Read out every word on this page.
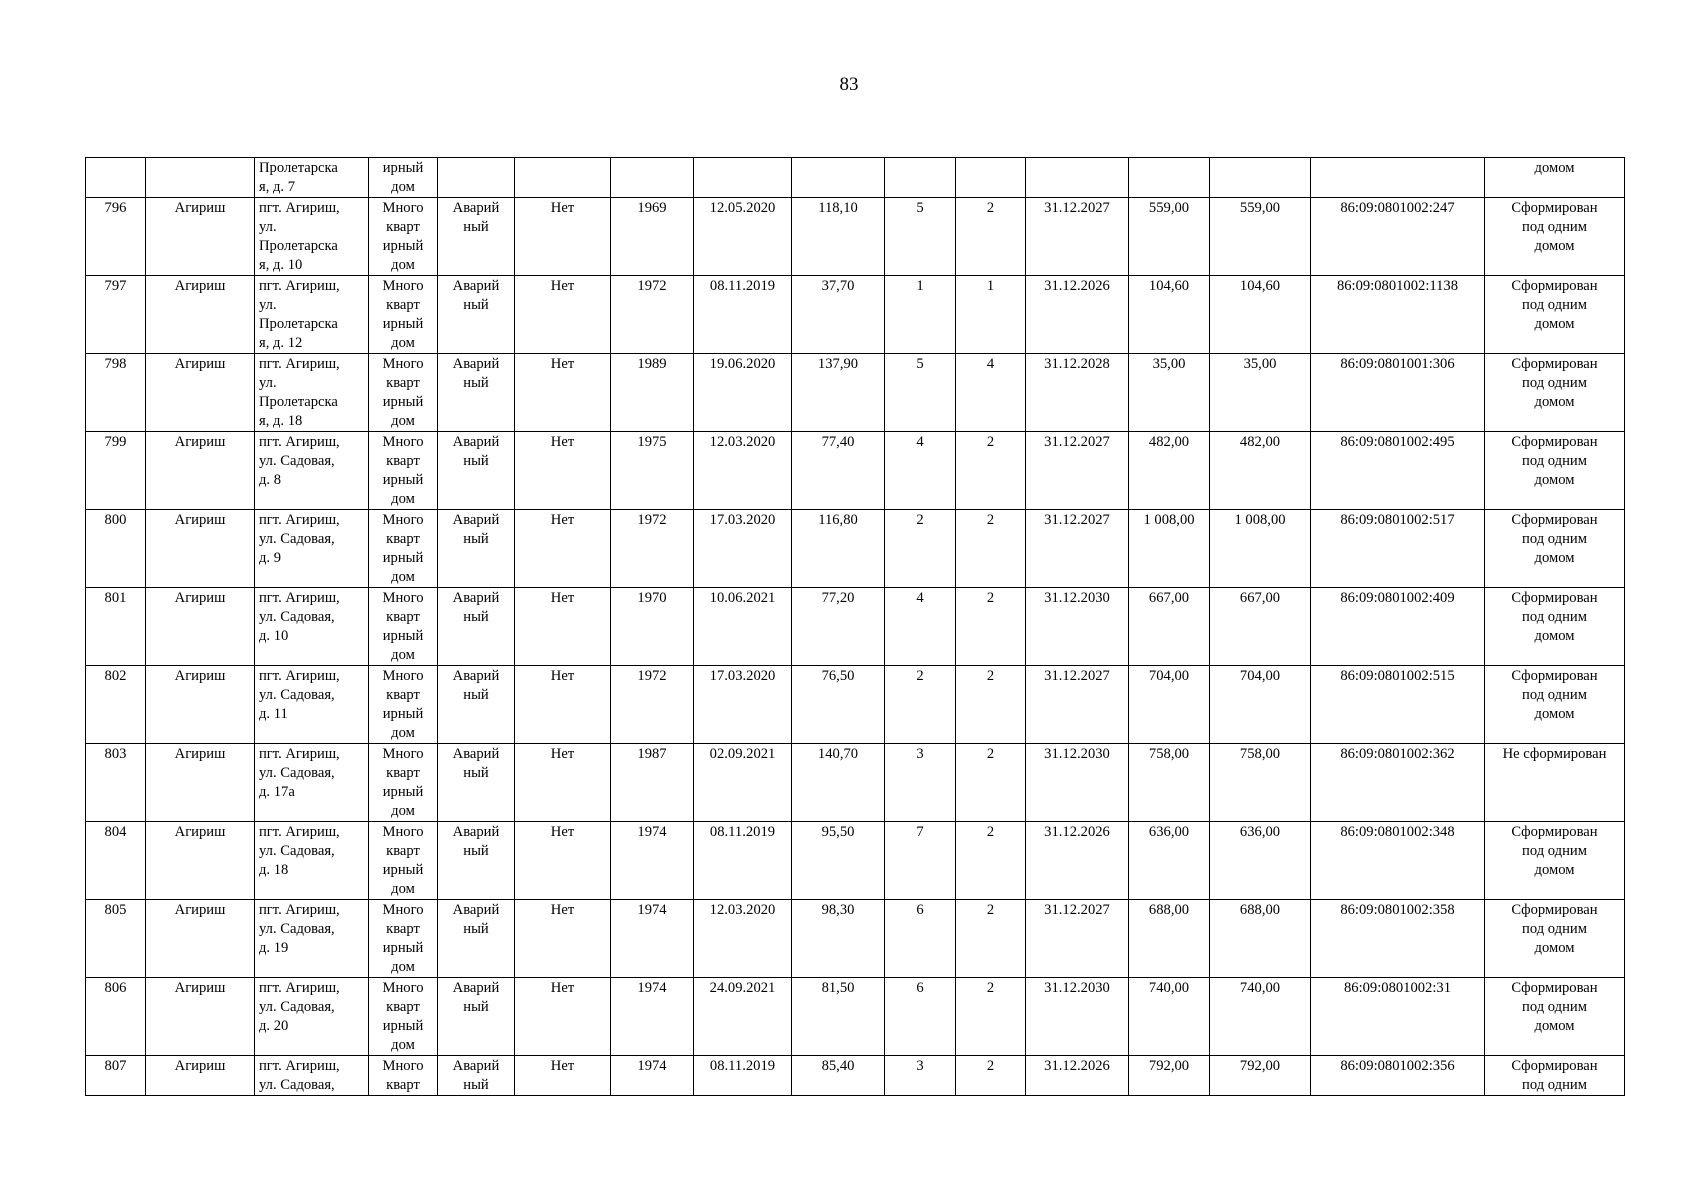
83

		Пролетарска
я, д. 7	ирный
дом												домом

796	Агириш	пгт. Агириш,
ул.
Пролетарска
я, д. 10	Много
кварт
ирный
дом	Аварий
ный	Нет	1969	12.05.2020	118,10	5	2	31.12.2027	559,00	559,00	86:09:0801002:247	Сформирован
под одним
домом

797	Агириш	пгт. Агириш,
ул.
Пролетарска
я, д. 12	Много
кварт
ирный
дом	Аварий
ный	Нет	1972	08.11.2019	37,70	1	1	31.12.2026	104,60	104,60	86:09:0801002:1138	Сформирован
под одним
домом

798	Агириш	пгт. Агириш,
ул.
Пролетарска
я, д. 18	Много
кварт
ирный
дом	Аварий
ный	Нет	1989	19.06.2020	137,90	5	4	31.12.2028	35,00	35,00	86:09:0801001:306	Сформирован
под одним
домом

799	Агириш	пгт. Агириш,
ул. Садовая,
д. 8	Много
кварт
ирный
дом	Аварий
ный	Нет	1975	12.03.2020	77,40	4	2	31.12.2027	482,00	482,00	86:09:0801002:495	Сформирован
под одним
домом

800	Агириш	пгт. Агириш,
ул. Садовая,
д. 9	Много
кварт
ирный
дом	Аварий
ный	Нет	1972	17.03.2020	116,80	2	2	31.12.2027	1 008,00	1 008,00	86:09:0801002:517	Сформирован
под одним
домом

801	Агириш	пгт. Агириш,
ул. Садовая,
д. 10	Много
кварт
ирный
дом	Аварий
ный	Нет	1970	10.06.2021	77,20	4	2	31.12.2030	667,00	667,00	86:09:0801002:409	Сформирован
под одним
домом

802	Агириш	пгт. Агириш,
ул. Садовая,
д. 11	Много
кварт
ирный
дом	Аварий
ный	Нет	1972	17.03.2020	76,50	2	2	31.12.2027	704,00	704,00	86:09:0801002:515	Сформирован
под одним
домом

803	Агириш	пгт. Агириш,
ул. Садовая,
д. 17а	Много
кварт
ирный
дом	Аварий
ный	Нет	1987	02.09.2021	140,70	3	2	31.12.2030	758,00	758,00	86:09:0801002:362	Не сформирован

804	Агириш	пгт. Агириш,
ул. Садовая,
д. 18	Много
кварт
ирный
дом	Аварий
ный	Нет	1974	08.11.2019	95,50	7	2	31.12.2026	636,00	636,00	86:09:0801002:348	Сформирован
под одним
домом

805	Агириш	пгт. Агириш,
ул. Садовая,
д. 19	Много
кварт
ирный
дом	Аварий
ный	Нет	1974	12.03.2020	98,30	6	2	31.12.2027	688,00	688,00	86:09:0801002:358	Сформирован
под одним
домом

806	Агириш	пгт. Агириш,
ул. Садовая,
д. 20	Много
кварт
ирный
дом	Аварий
ный	Нет	1974	24.09.2021	81,50	6	2	31.12.2030	740,00	740,00	86:09:0801002:31	Сформирован
под одним
домом

807	Агириш	пгт. Агириш,
ул. Садовая,	Много
кварт	Аварий
ный	Нет	1974	08.11.2019	85,40	3	2	31.12.2026	792,00	792,00	86:09:0801002:356	Сформирован
под одним
